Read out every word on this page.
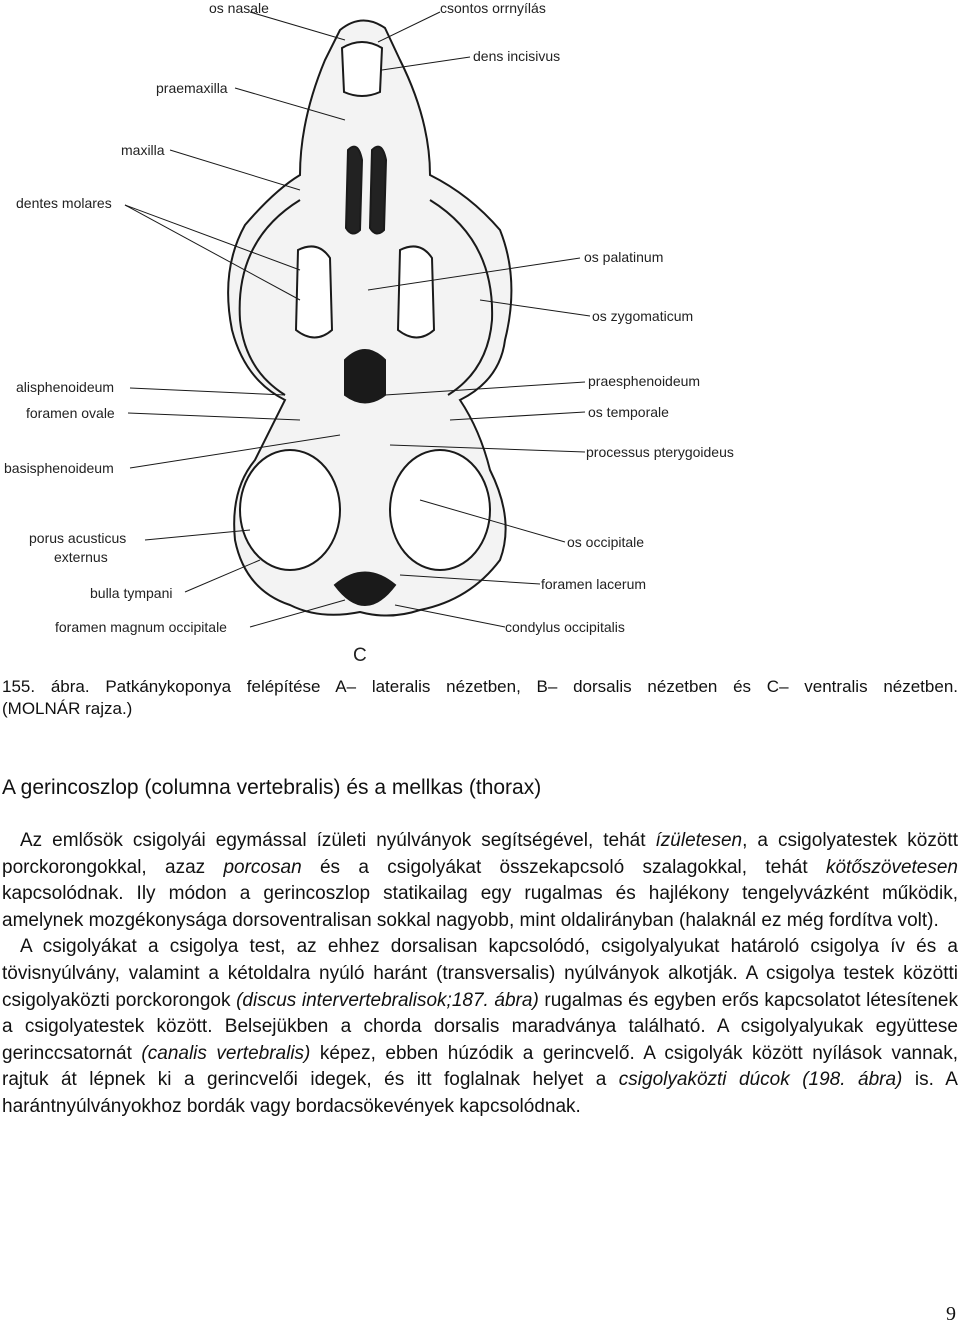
os nasale	csontos orrnyílás
dens incisivus
praemaxilla
maxilla
dentes molares
os palatinum
os zygomaticum
alisphenoideum
foramen ovale
praesphenoideum
os temporale
basisphenoideum
processus pterygoideus
porus acusticus
externus
os occipitale
bulla tympani
foramen lacerum
foramen magnum occipitale	condylus occipitalis
C
155. ábra. Patkánykoponya felépítése A– lateralis nézetben, B– dorsalis nézetben és C– ventralis nézetben.
(MOLNÁR rajza.)
A gerincoszlop (columna vertebralis) és a mellkas (thorax)

Az emlősök csigolyái egymással ízületi nyúlványok segítségével, tehát ízületesen, a csigolyatestek között porckorongokkal, azaz porcosan és a csigolyákat összekapcsoló szalagokkal, tehát kötőszövetesen kapcsolódnak. Ily módon a gerincoszlop statikailag egy rugalmas és hajlékony tengelyvázként működik, amelynek mozgékonysága dorsoventralisan sokkal nagyobb, mint oldalirányban (halaknál ez még fordítva volt).

A csigolyákat a csigolya test, az ehhez dorsalisan kapcsolódó, csigolyalyukat határoló csigolya ív és a tövisnyúlvány, valamint a kétoldalra nyúló haránt (transversalis) nyúlványok alkotják. A csigolya testek közötti csigolyaközti porckorongok (discus intervertebralisok;187. ábra) rugalmas és egyben erős kapcsolatot létesítenek a csigolyatestek között. Belsejükben a chorda dorsalis maradványa található. A csigolyalyukak együttese gerinccsatornát (canalis vertebralis) képez, ebben húzódik a gerincvelő. A csigolyák között nyílások vannak, rajtuk át lépnek ki a gerincvelői idegek, és itt foglalnak helyet a csigolyaközti dúcok (198. ábra) is. A harántnyúlványokhoz bordák vagy bordacsökevények kapcsolódnak.

9
